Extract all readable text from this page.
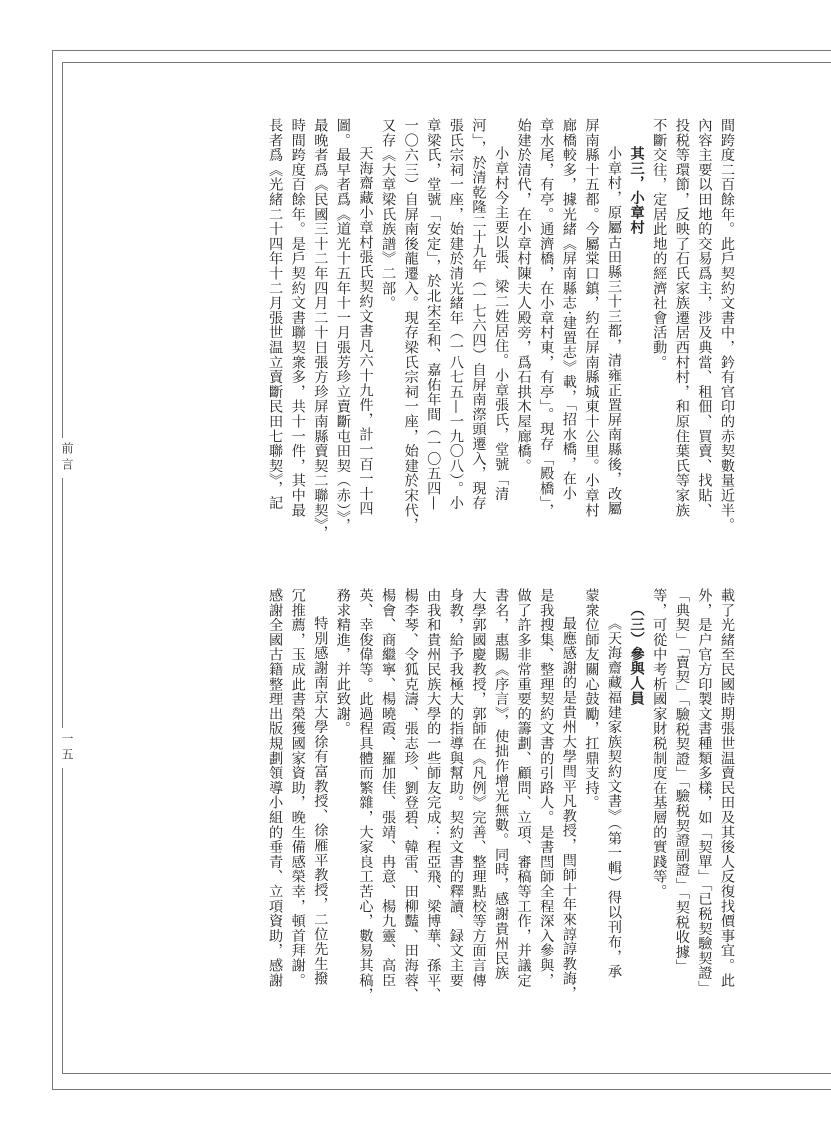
前言
一五

間跨度二百餘年。此戶契約文書中，鈐有官印的赤契數量近半。

內容主要以田地的交易爲主，涉及典當、租佃、買賣、找貼、

投税等環節，反映了石氏家族遷居西村村，和原住葉氏等家族

不斷交往，定居此地的經濟社會活動。

其三，小章村

小章村，原屬古田縣三十三都，清雍正置屏南縣後，改屬

屏南縣十五都。今屬棠口鎮，約在屏南縣城東十公里。小章村

廊橋較多，據光緒《屏南縣志·建置志》載，「招水橋，在小

章水尾，有亭。通濟橋，在小章村東，有亭」。現存「殿橋」，

始建於清代，在小章村陳夫人殿旁，爲石拱木屋廊橋。

小章村今主要以張、梁二姓居住。小章張氏，堂號「清

河」，於清乾隆二十九年（一七六四）自屏南漈頭遷入，現存

張氏宗祠一座，始建於清光緒年（一八七五—一九〇八）。小

章梁氏，堂號「安定」，於北宋至和、嘉佑年間（一〇五四—

一〇六三）自屏南後龍遷入。現存梁氏宗祠一座，始建於宋代，

又存《大章梁氏族譜》二部。

天海齋藏小章村張氏契約文書凡六十九件，計一百一十四

圖。最早者爲《道光十五年十一月張芳珍立賣斷屯田契（赤）》，

最晚者爲《民國三十二年四月二十日張方珍屏南縣賣契二聯契》，

時間跨度百餘年。是戶契約文書聯契衆多，共十一件，其中最

長者爲《光緒二十四年十二月張世温立賣斷民田七聯契》，記

載了光緒至民國時期張世温賣民田及其後人反復找價事宜。此

外，是户官方印製文書種類多樣，如「契單」「已税契驗契證」

「典契」「賣契」「驗税契證」「驗税契證副證」「契税收據」

等，可從中考析國家財税制度在基層的實踐等。

（三）參與人員

《天海齋藏福建家族契約文書》（第一輯）得以刊布，承

蒙衆位師友關心鼓勵，扛鼎支持。

最應感謝的是貴州大學閆平凡教授，閆師十年來諄諄教誨，

是我搜集、整理契約文書的引路人。是書閆師全程深入參與，

做了許多非常重要的籌劃、顧問、立項、審稿等工作，并議定

書名，惠賜《序言》，使拙作增光無數。同時，感謝貴州民族

大學郭國慶教授，郭師在《凡例》完善、整理點校等方面言傳

身教，給予我極大的指導與幫助。契約文書的釋讀、録文主要

由我和貴州民族大學的一些師友完成：程亞飛、梁博華、孫平、

楊李琴、令狐克濤、張志珍、劉登碧、韓雷、田柳豔、田海蓉、

楊會、商繼寧、楊曉霞、羅加佳、張靖、冉意、楊九靈、高臣

英、幸俊偉等。此過程具體而繁雜，大家良工苦心，數易其稿，

務求精進，并此致謝。

特別感謝南京大學徐有富教授、徐雁平教授，二位先生撥

冗推薦，玉成此書榮獲國家資助，晚生備感榮幸，頓首拜謝。

感謝全國古籍整理出版規劃領導小組的垂青、立項資助，感謝
